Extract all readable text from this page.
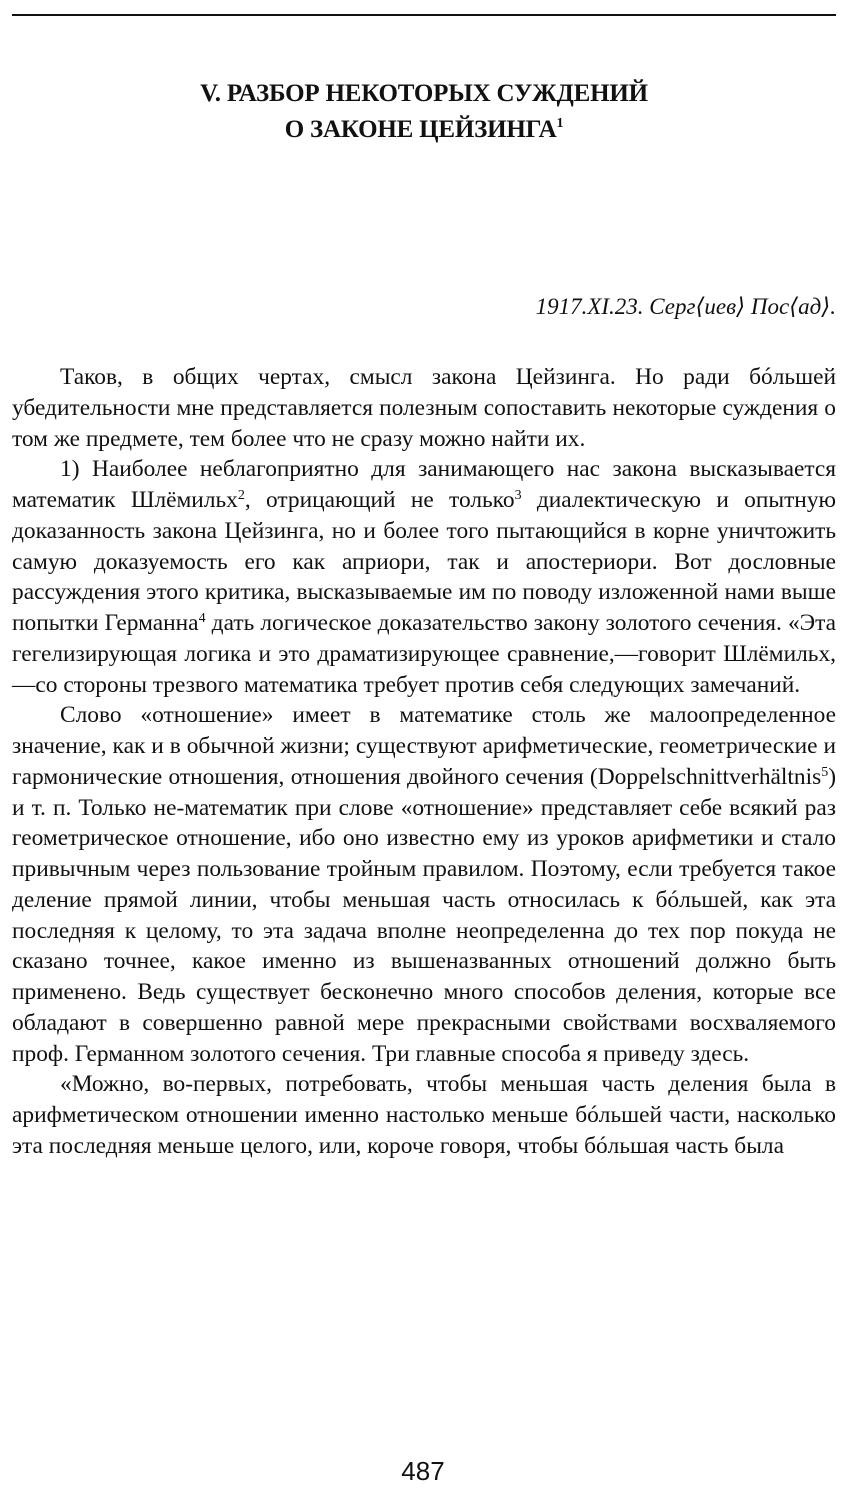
V. РАЗБОР НЕКОТОРЫХ СУЖДЕНИЙ
О ЗАКОНЕ ЦЕЙЗИНГА$^1$
1917.XI.23. Серг⟨иев⟩ Пос⟨ад⟩.

Таков, в общих чертах, смысл закона Цейзинга. Но ради бóльшей убедительности мне представляется полезным сопоставить некоторые суждения о том же предмете, тем более что не сразу можно найти их.

1) Наиболее неблагоприятно для занимающего нас закона высказывается математик Шлёмильх$^2$, отрицающий не только$^3$ диалектическую и опытную доказанность закона Цейзинга, но и более того пытающийся в корне уничтожить самую доказуемость его как априори, так и апостериори. Вот дословные рассуждения этого критика, высказываемые им по поводу изложенной нами выше попытки Германна$^4$ дать логическое доказательство закону золотого сечения. «Эта гегелизирующая логика и это драматизирующее сравнение,—говорит Шлёмильх,—со стороны трезвого математика требует против себя следующих замечаний.

Слово «отношение» имеет в математике столь же малоопределенное значение, как и в обычной жизни; существуют арифметические, геометрические и гармонические отношения, отношения двойного сечения (Doppelschnittverhältnis$^5$) и т. п. Только не-математик при слове «отношение» представляет себе всякий раз геометрическое отношение, ибо оно известно ему из уроков арифметики и стало привычным через пользование тройным правилом. Поэтому, если требуется такое деление прямой линии, чтобы меньшая часть относилась к бóльшей, как эта последняя к целому, то эта задача вполне неопределенна до тех пор покуда не сказано точнее, какое именно из вышеназванных отношений должно быть применено. Ведь существует бесконечно много способов деления, которые все обладают в совершенно равной мере прекрасными свойствами восхваляемого проф. Германном золотого сечения. Три главные способа я приведу здесь.

«Можно, во-первых, потребовать, чтобы меньшая часть деления была в арифметическом отношении именно настолько меньше бóльшей части, насколько эта последняя меньше целого, или, короче говоря, чтобы бóльшая часть была

487
